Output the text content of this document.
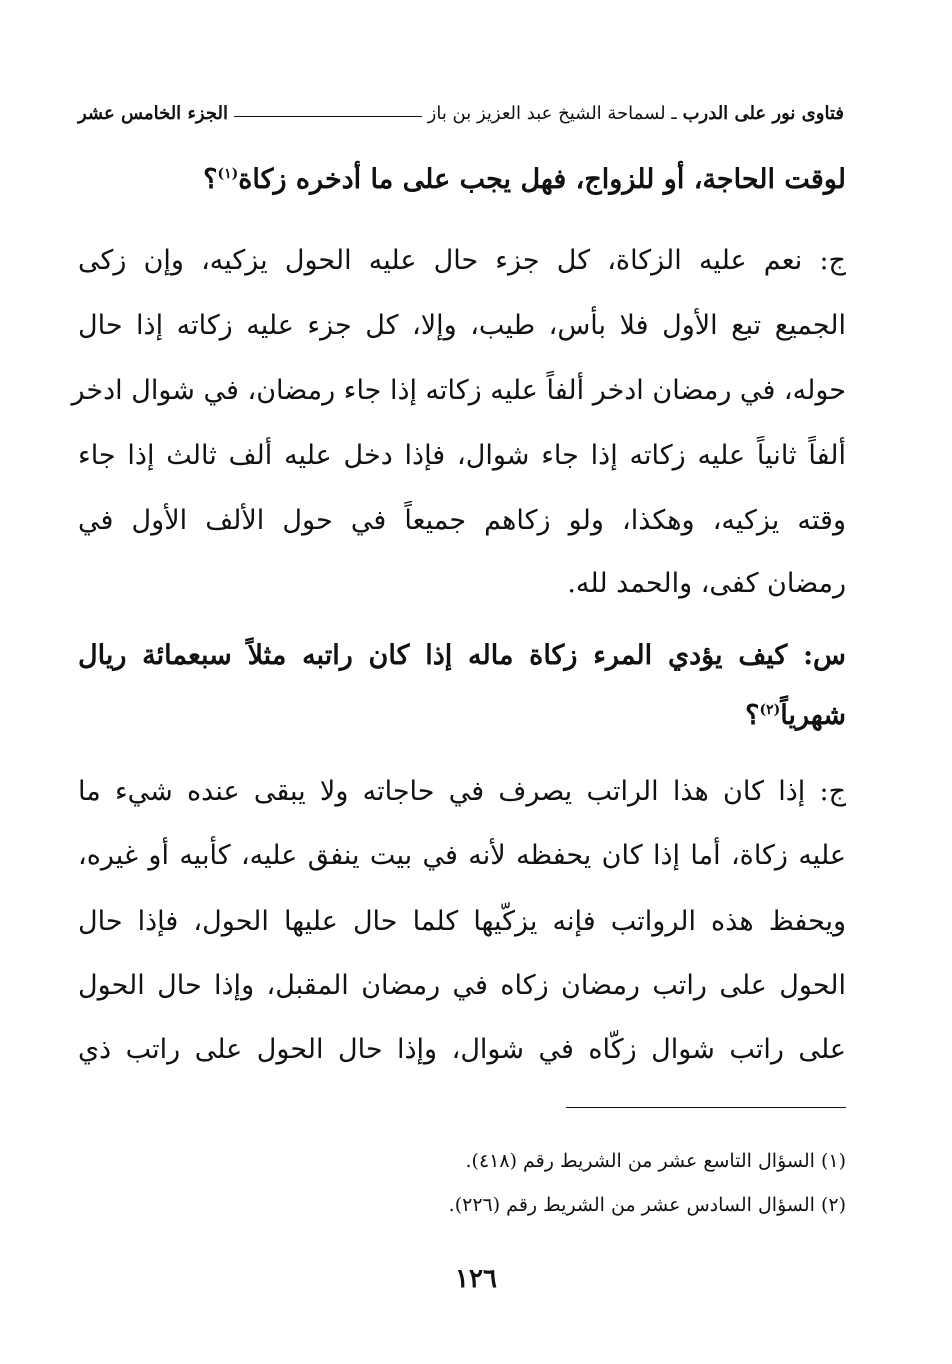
فتاوى نور على الدرب
ـ لسماحة الشيخ عبد العزيز بن باز
الجزء الخامس عشر
لوقت الحاجة، أو للزواج، فهل يجب على ما أدخره زكاة$^{(١)}$؟
ج: نعم عليه الزكاة، كل جزء حال عليه الحول يزكيه، وإن زكى
الجميع تبع الأول فلا بأس، طيب، وإلا، كل جزء عليه زكاته إذا حال
حوله، في رمضان ادخر ألفاً عليه زكاته إذا جاء رمضان، في شوال ادخر
ألفاً ثانياً عليه زكاته إذا جاء شوال، فإذا دخل عليه ألف ثالث إذا جاء
وقته يزكيه، وهكذا، ولو زكاهم جميعاً في حول الألف الأول في
رمضان كفى، والحمد لله.
س: كيف يؤدي المرء زكاة ماله إذا كان راتبه مثلاً سبعمائة ريال
شهرياً$^{(٢)}$؟
ج: إذا كان هذا الراتب يصرف في حاجاته ولا يبقى عنده شيء ما
عليه زكاة، أما إذا كان يحفظه لأنه في بيت ينفق عليه، كأبيه أو غيره،
ويحفظ هذه الرواتب فإنه يزكّيها كلما حال عليها الحول، فإذا حال
الحول على راتب رمضان زكاه في رمضان المقبل، وإذا حال الحول
على راتب شوال زكّاه في شوال، وإذا حال الحول على راتب ذي
(١) السؤال التاسع عشر من الشريط رقم (٤١٨).
(٢) السؤال السادس عشر من الشريط رقم (٢٢٦).
١٢٦
